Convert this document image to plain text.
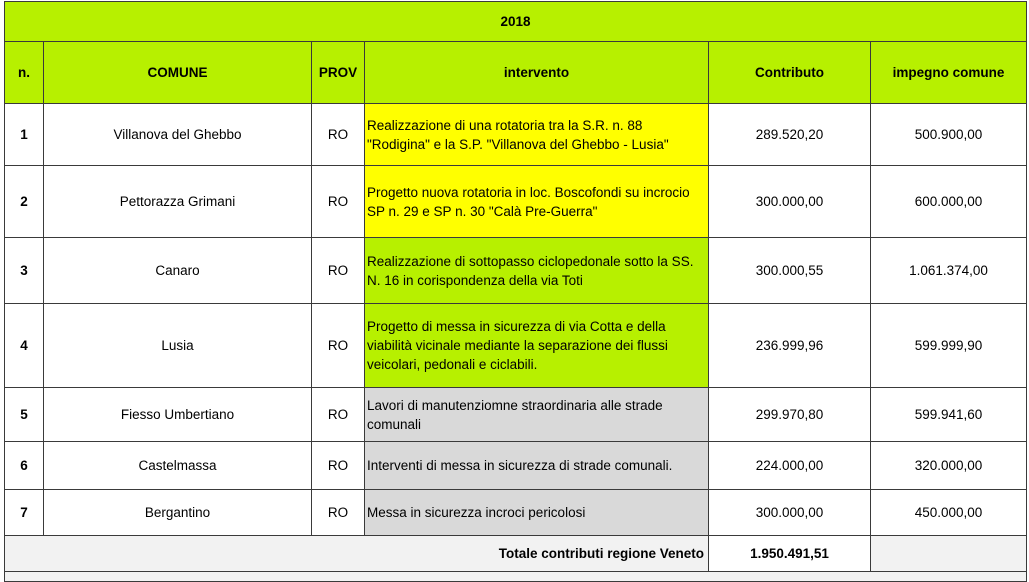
2018					
n.	COMUNE	PROV	intervento	Contributo	impegno comune
1	Villanova del Ghebbo	RO	Realizzazione di una rotatoria tra la S.R. n. 88 "Rodigina" e la S.P. "Villanova del Ghebbo - Lusia"	289.520,20	500.900,00
2	Pettorazza Grimani	RO	Progetto nuova rotatoria in loc. Boscofondi su incrocio SP n. 29 e SP n. 30 "Calà Pre-Guerra"	300.000,00	600.000,00
3	Canaro	RO	Realizzazione di sottopasso ciclopedonale sotto la SS. N. 16 in corispondenza della via Toti	300.000,55	1.061.374,00
4	Lusia	RO	Progetto di messa in sicurezza di via Cotta e della viabilità vicinale mediante la separazione dei flussi veicolari, pedonali e ciclabili.	236.999,96	599.999,90
5	Fiesso Umbertiano	RO	Lavori di manutenziomne straordinaria alle strade comunali	299.970,80	599.941,60
6	Castelmassa	RO	Interventi di messa in sicurezza di strade comunali.	224.000,00	320.000,00
7	Bergantino	RO	Messa in sicurezza incroci pericolosi	300.000,00	450.000,00
Totale contributi regione Veneto				1.950.491,51	
